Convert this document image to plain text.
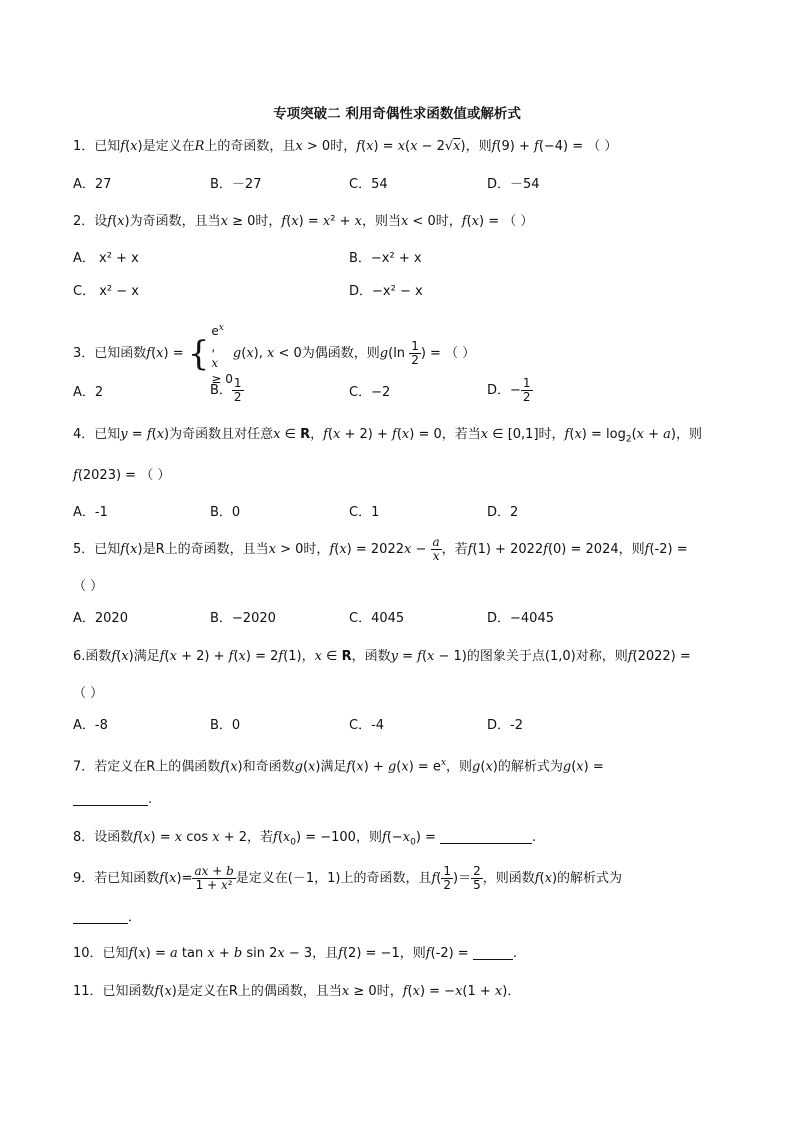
专项突破二 利用奇偶性求函数值或解析式
1．已知f(x)是定义在R上的奇函数，且x > 0时，f(x) = x(x − 2√x)，则f(9) + f(−4) = （ ）
A．27	B．－27	C．54	D．－54
2．设f(x)为奇函数，且当x ≥ 0时，f(x) = x² + x，则当x < 0时，f(x) = （ ）
A． x² + x	B．−x² + x
C． x² − x	D．−x² − x
3．已知函数f(x) = {
$e^x$
,
x
≥ 0
g(x), x < 0 为偶函数，则$g(\ln \frac{1}{2}$ ) = （ ）
A．2	B． $\frac{1}{2}$	C．−2	D．− $\frac{1}{2}$
4．已知y = f(x)为奇函数且对任意x ∈ R，f(x + 2) + f(x) = 0，若当x ∈ [0,1]时，$f(x) = \log_2(x + a)$，则
f(2023) = （ ）
A．-1	B．0	C．1	D．2
5．已知f(x)是R上的奇函数，且当x > 0时，$f(x) = 2022x - \frac{a}{x}$ ，若f(1) + 2022f(0) = 2024，则f(-2) =
（ ）
A．2020	B．−2020	C．4045	D．−4045
6.函数f(x)满足f(x + 2) + f(x) = 2f(1)，x ∈ R，函数y = f(x − 1)的图象关于点(1,0)对称，则f(2022) =
（ ）
A．-8	B．0	C．-4	D．-2
7．若定义在R上的偶函数f(x)和奇函数g(x)满足$f(x) + g(x) = e^x$，则g(x)的解析式为g(x) =
.
8．设函数f(x) = x cos x + 2，若$f(x_0) = -100$，则$f(-x_0)$ =	.
9．若已知函数$f(x)= \frac{ax + b}{\text{1 + x²}}$ 是定义在(－1，1)上的奇函数，且$f( \frac{1}{2}$ )＝ $\frac{2}{5}$ ，则函数f(x)的解析式为
．
10．已知f(x) = a tan x + b sin 2x − 3，且f(2) = −1，则f(-2) =	.
11．已知函数f(x)是定义在R上的偶函数，且当x ≥ 0时，f(x) = −x(1 + x)．
